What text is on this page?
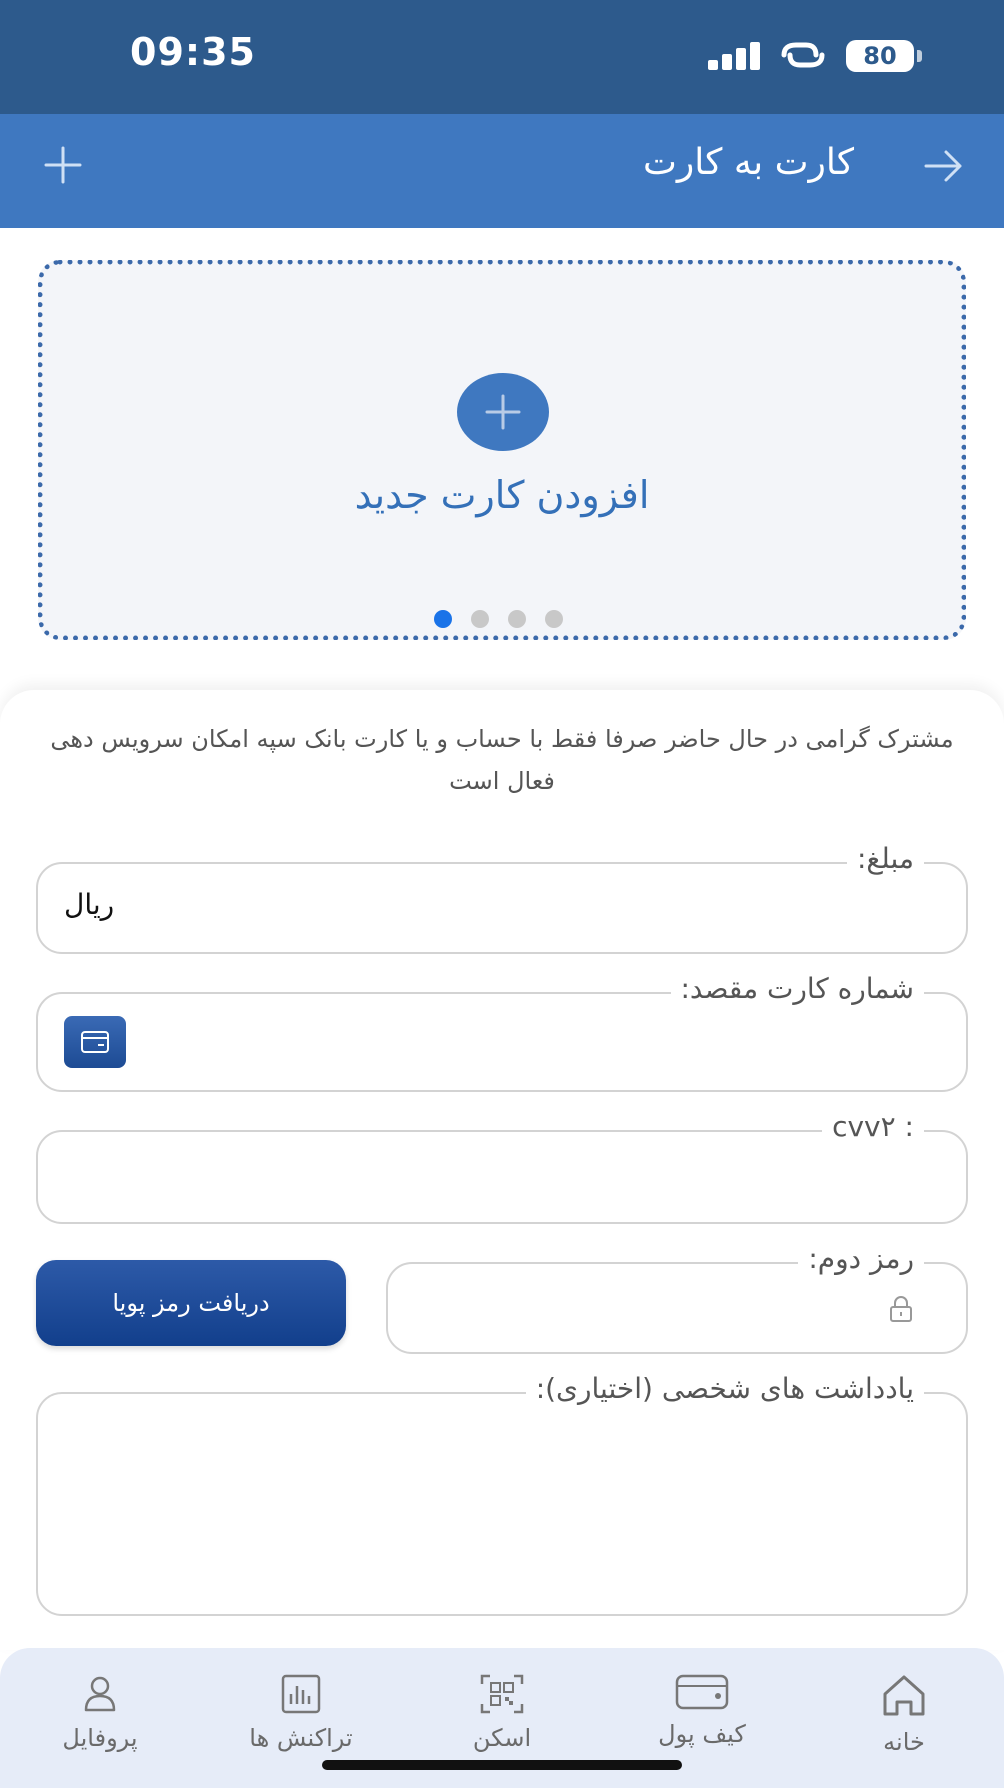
09:35	80
کارت به کارت
افزودن کارت جدید
مشترک گرامی در حال حاضر صرفا فقط با حساب و یا کارت بانک سپه امکان سرویس دهی فعال است
مبلغ:
ریال
شماره کارت مقصد:
: cvv۲
رمز دوم:
دریافت رمز پویا
یادداشت های شخصی (اختیاری):
پروفایل	تراکنش ها	اسکن	کیف پول	خانه
